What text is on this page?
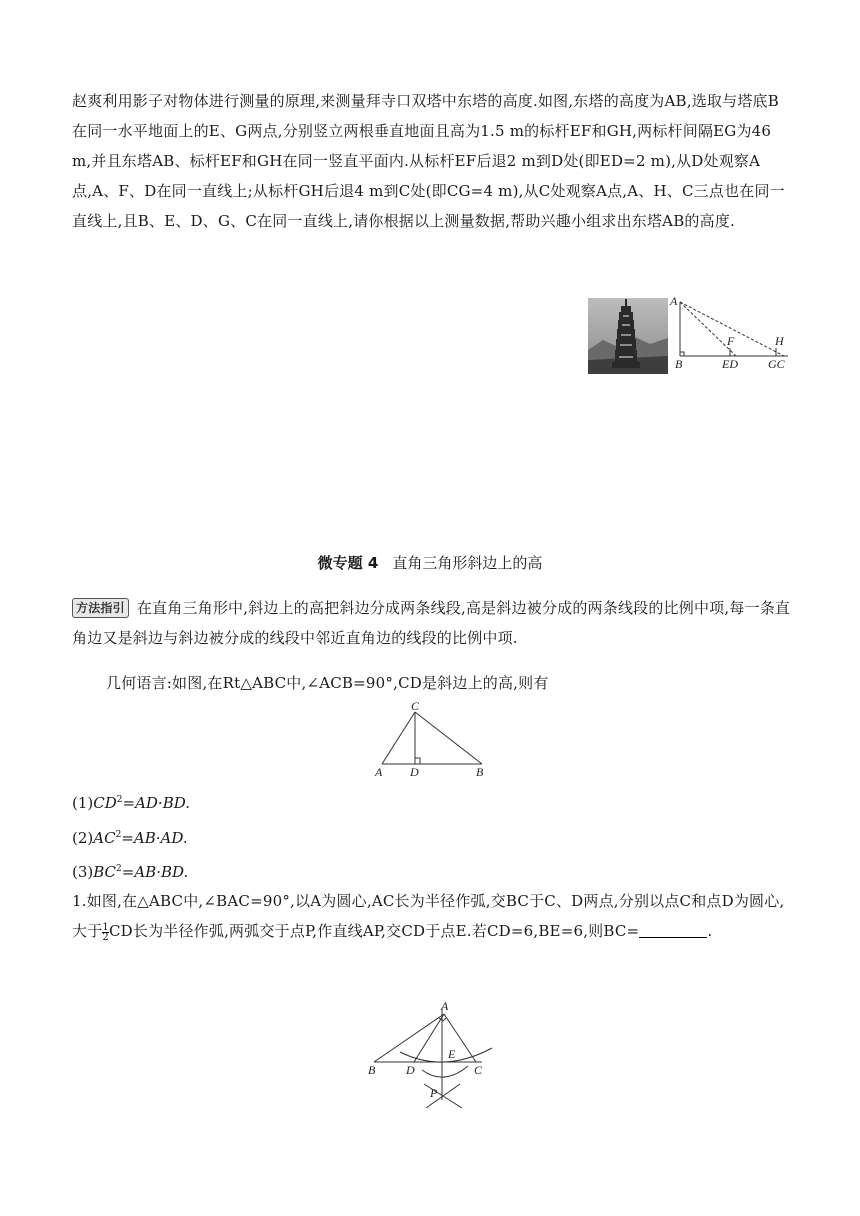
赵爽利用影子对物体进行测量的原理,来测量拜寺口双塔中东塔的高度.如图,东塔的高度为AB,选取与塔底B在同一水平地面上的E、G两点,分别竖立两根垂直地面且高为1.5 m的标杆EF和GH,两标杆间隔EG为46 m,并且东塔AB、标杆EF和GH在同一竖直平面内.从标杆EF后退2 m到D处(即ED=2 m),从D处观察A点,A、F、D在同一直线上;从标杆GH后退4 m到C处(即CG=4 m),从C处观察A点,A、H、C三点也在同一直线上,且B、E、D、G、C在同一直线上,请你根据以上测量数据,帮助兴趣小组求出东塔AB的高度.
A
F	H
B	ED	GC
微专题 4 直角三角形斜边上的高
方法指引 在直角三角形中,斜边上的高把斜边分成两条线段,高是斜边被分成的两条线段的比例中项,每一条直角边又是斜边与斜边被分成的线段中邻近直角边的线段的比例中项.
几何语言:如图,在Rt△ABC中,∠ACB=90°,CD是斜边上的高,则有
C
A D	B
$(1)CD^2=AD\cdot BD$.
$(2)AC^2=AB\cdot AD$.
$(3)BC^2=AB\cdot BD$.
1.如图,在△ABC中,∠BAC=90°,以A为圆心,AC长为半径作弧,交BC于C、D两点,分别以点C和点D为圆心,大于 $\frac{1}{2}$ CD长为半径作弧,两弧交于点P,作直线AP,交CD于点E.若CD=6,BE=6,则BC=	.
A
E
B	D	C
P
